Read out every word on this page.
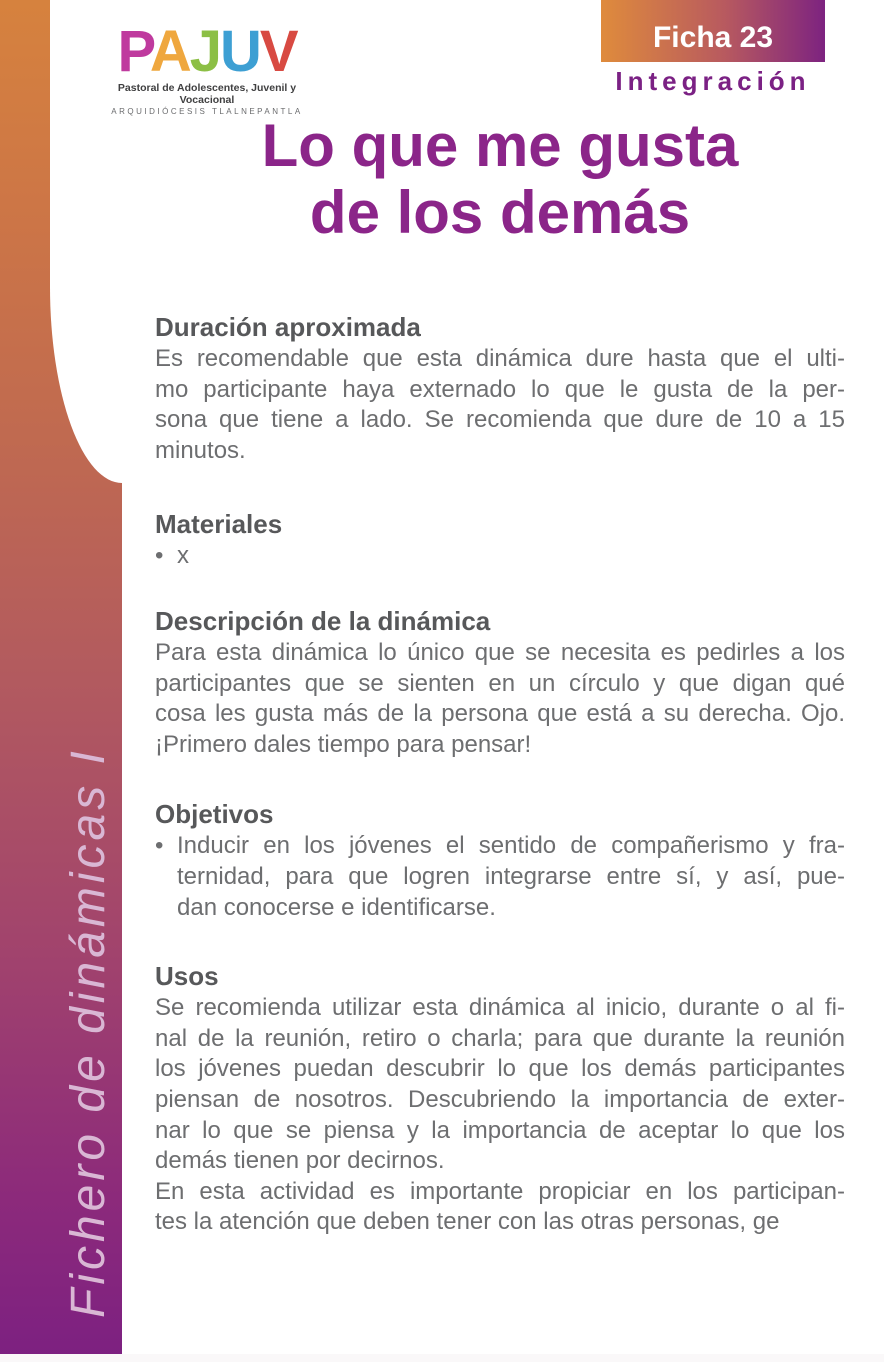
Fichero de dinámicas I
PAJUV
Pastoral de Adolescentes, Juvenil y Vocacional
ARQUIDIÓCESIS TLALNEPANTLA
Ficha 23
Integración
Lo que me gusta
de los demás
Duración aproximada
Es recomendable que esta dinámica dure hasta que el ulti-
mo participante haya externado lo que le gusta de la per-
sona que tiene a lado. Se recomienda que dure de 10 a 15
minutos.
Materiales
• x
Descripción de la dinámica
Para esta dinámica lo único que se necesita es pedirles a los
participantes que se sienten en un círculo y que digan qué
cosa les gusta más de la persona que está a su derecha. Ojo.
¡Primero dales tiempo para pensar!
Objetivos
• Inducir en los jóvenes el sentido de compañerismo y fra-
ternidad, para que logren integrarse entre sí, y así, pue-
dan conocerse e identificarse.
Usos
Se recomienda utilizar esta dinámica al inicio, durante o al fi-
nal de la reunión, retiro o charla; para que durante la reunión
los jóvenes puedan descubrir lo que los demás participantes
piensan de nosotros. Descubriendo la importancia de exter-
nar lo que se piensa y la importancia de aceptar lo que los
demás tienen por decirnos.
En esta actividad es importante propiciar en los participan-
tes la atención que deben tener con las otras personas, ge
